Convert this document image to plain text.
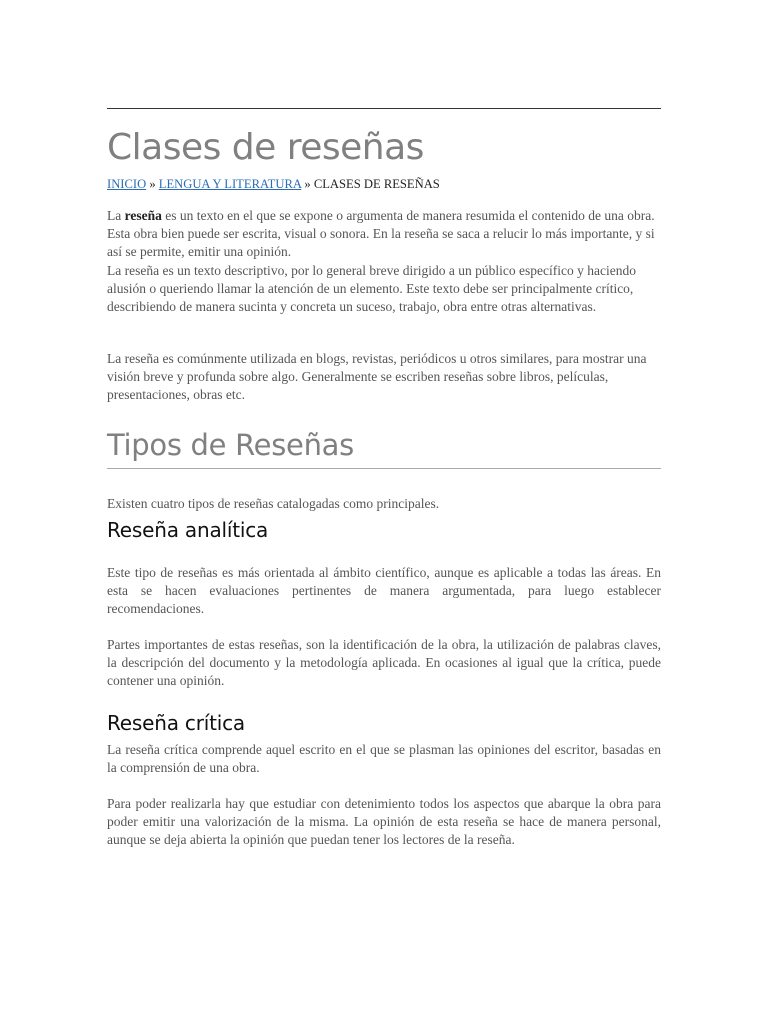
Clases de reseñas
INICIO » LENGUA Y LITERATURA » CLASES DE RESEÑAS

La reseña es un texto en el que se expone o argumenta de manera resumida el contenido de una obra. Esta obra bien puede ser escrita, visual o sonora. En la reseña se saca a relucir lo más importante, y si así se permite, emitir una opinión.

La reseña es un texto descriptivo, por lo general breve dirigido a un público específico y haciendo alusión o queriendo llamar la atención de un elemento. Este texto debe ser principalmente crítico, describiendo de manera sucinta y concreta un suceso, trabajo, obra entre otras alternativas.

La reseña es comúnmente utilizada en blogs, revistas, periódicos u otros similares, para mostrar una visión breve y profunda sobre algo. Generalmente se escriben reseñas sobre libros, películas, presentaciones, obras etc.

Tipos de Reseñas

Existen cuatro tipos de reseñas catalogadas como principales.

Reseña analítica

Este tipo de reseñas es más orientada al ámbito científico, aunque es aplicable a todas las áreas. En esta se hacen evaluaciones pertinentes de manera argumentada, para luego establecer recomendaciones.

Partes importantes de estas reseñas, son la identificación de la obra, la utilización de palabras claves, la descripción del documento y la metodología aplicada. En ocasiones al igual que la crítica, puede contener una opinión.

Reseña crítica

La reseña crítica comprende aquel escrito en el que se plasman las opiniones del escritor, basadas en la comprensión de una obra.

Para poder realizarla hay que estudiar con detenimiento todos los aspectos que abarque la obra para poder emitir una valorización de la misma. La opinión de esta reseña se hace de manera personal, aunque se deja abierta la opinión que puedan tener los lectores de la reseña.
